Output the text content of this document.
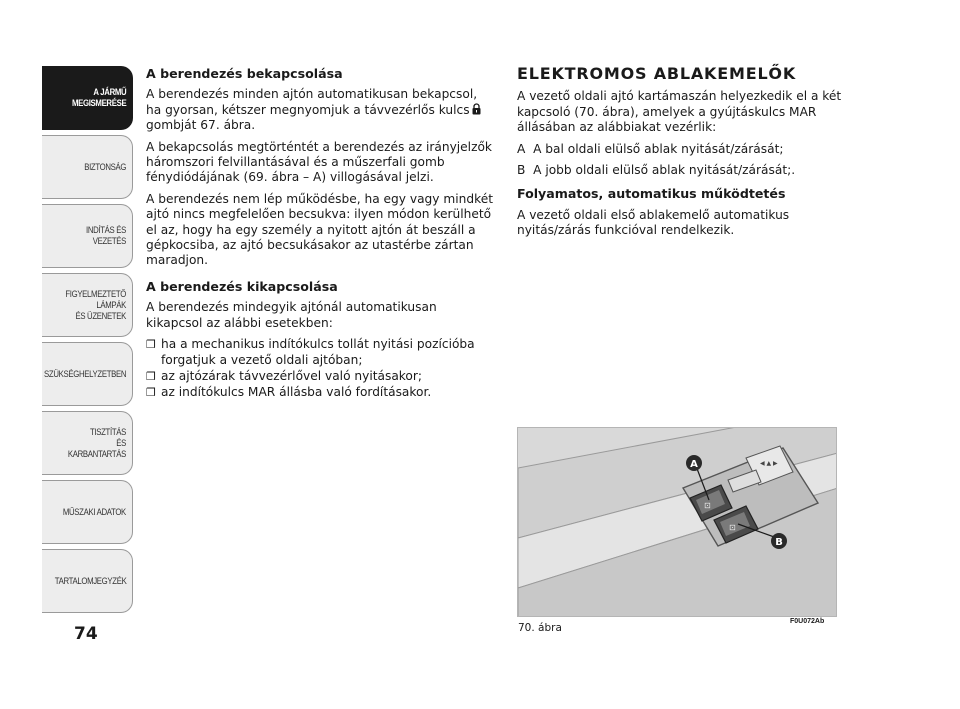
A JÁRMŰ
MEGISMERÉSE
BIZTONSÁG
INDÍTÁS ÉS VEZETÉS
FIGYELMEZTETŐ
LÁMPÁK
ÉS ÜZENETEK
SZÜKSÉGHELYZETBEN
TISZTÍTÁS
ÉS KARBANTARTÁS
MŰSZAKI ADATOK
TARTALOMJEGYZÉK
74
A berendezés bekapcsolása

A berendezés minden ajtón automatikusan bekapcsol, ha gyorsan, kétszer megnyomjuk a távvezérlős kulcs gombját 67. ábra.

A bekapcsolás megtörténtét a berendezés az irányjelzők háromszori felvillantásával és a műszerfali gomb fénydiódájának (69. ábra – A) villogásával jelzi.

A berendezés nem lép működésbe, ha egy vagy mindkét ajtó nincs megfelelően becsukva: ilyen módon kerülhető el az, hogy ha egy személy a nyitott ajtón át beszáll a gépkocsiba, az ajtó becsukásakor az utastérbe zártan maradjon.

A berendezés kikapcsolása

A berendezés mindegyik ajtónál automatikusan kikapcsol az alábbi esetekben:

❒ ha a mechanikus indítókulcs tollát nyitási pozícióba forgatjuk a vezető oldali ajtóban;
❒ az ajtózárak távvezérlővel való nyitásakor;
❒ az indítókulcs MAR állásba való fordításakor.
ELEKTROMOS ABLAKEMELŐK

A vezető oldali ajtó kartámaszán helyezkedik el a két kapcsoló (70. ábra), amelyek a gyújtáskulcs MAR állásában az alábbiakat vezérlik:

A A bal oldali elülső ablak nyitását/zárását;
B A jobb oldali elülső ablak nyitását/zárását;.
Folyamatos, automatikus működtetés

A vezető oldali első ablakemelő automatikus nyitás/zárás funkcióval rendelkezik.

◀ ▲ ▶
⊡
⊡
A
B
70. ábra
F0U072Ab
